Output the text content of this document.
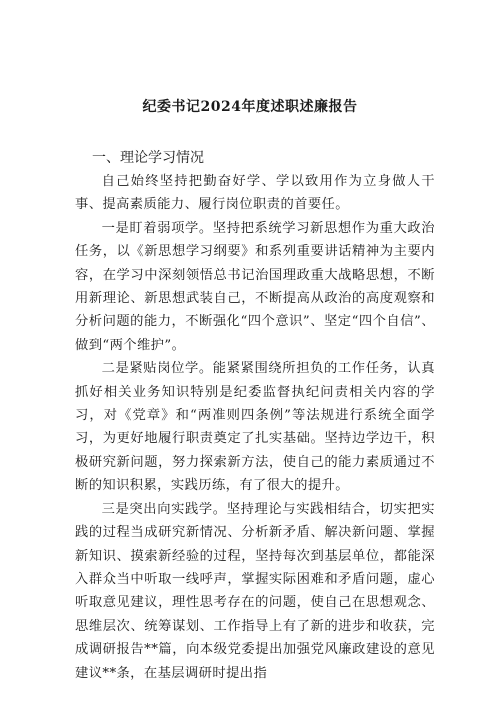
纪委书记2024年度述职述廉报告
一、理论学习情况

自己始终坚持把勤奋好学、学以致用作为立身做人干事、提高素质能力、履行岗位职责的首要任。

一是盯着弱项学。坚持把系统学习新思想作为重大政治任务，以《新思想学习纲要》和系列重要讲话精神为主要内容，在学习中深刻领悟总书记治国理政重大战略思想，不断用新理论、新思想武装自己，不断提高从政治的高度观察和分析问题的能力，不断强化“四个意识”、坚定“四个自信”、做到“两个维护”。

二是紧贴岗位学。能紧紧围绕所担负的工作任务，认真抓好相关业务知识特别是纪委监督执纪问责相关内容的学习，对《党章》和“两准则四条例”等法规进行系统全面学习，为更好地履行职责奠定了扎实基础。坚持边学边干，积极研究新问题，努力探索新方法，使自己的能力素质通过不断的知识积累，实践历练，有了很大的提升。

三是突出向实践学。坚持理论与实践相结合，切实把实践的过程当成研究新情况、分析新矛盾、解决新问题、掌握新知识、摸索新经验的过程，坚持每次到基层单位，都能深入群众当中听取一线呼声，掌握实际困难和矛盾问题，虚心听取意见建议，理性思考存在的问题，使自己在思想观念、思维层次、统筹谋划、工作指导上有了新的进步和收获，完成调研报告**篇，向本级党委提出加强党风廉政建设的意见建议**条，在基层调研时提出指
